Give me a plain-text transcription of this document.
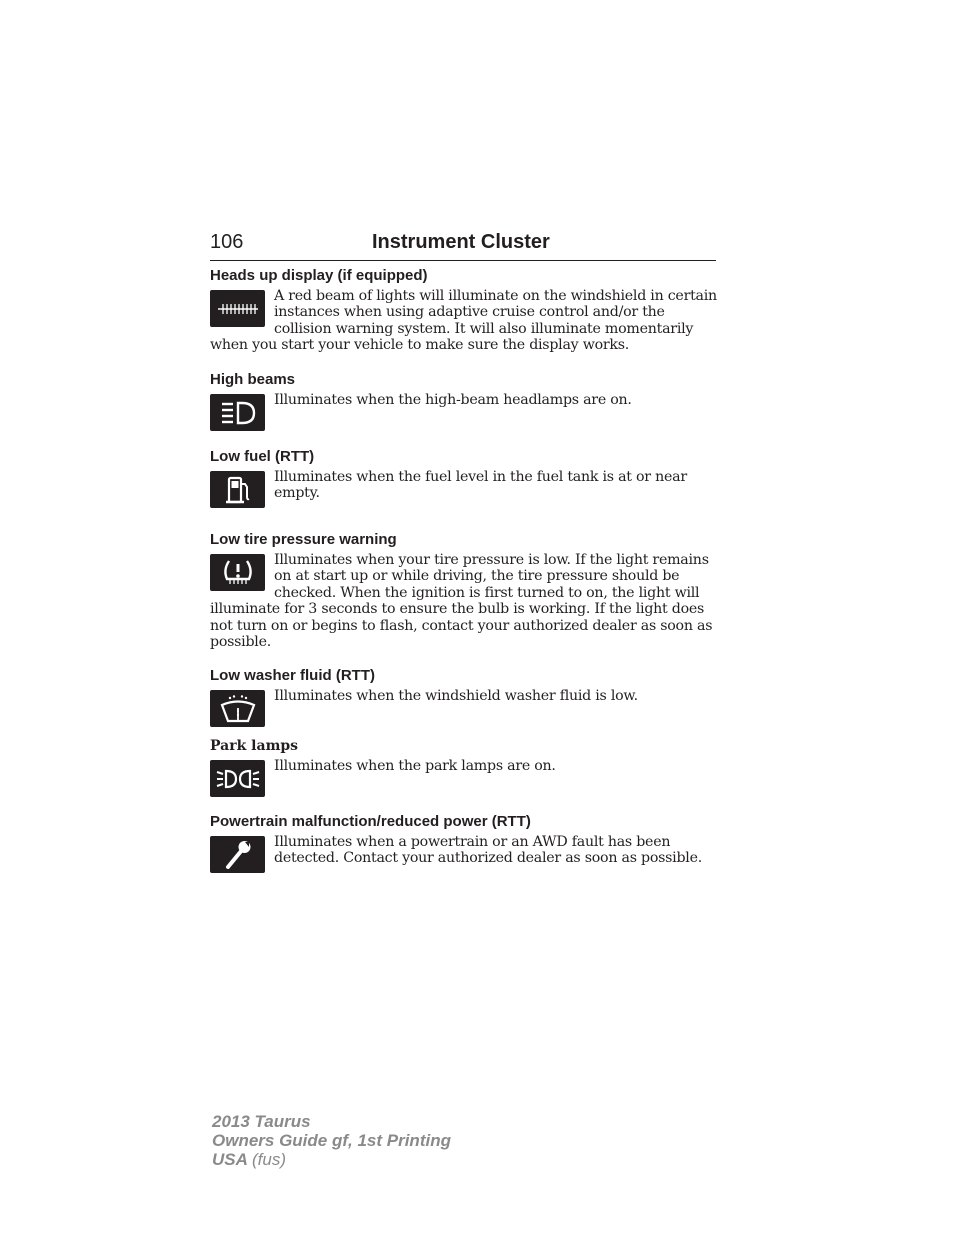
106	Instrument Cluster
Heads up display (if equipped)
A red beam of lights will illuminate on the windshield in certain instances when using adaptive cruise control and/or the collision warning system. It will also illuminate momentarily when you start your vehicle to make sure the display works.
High beams
Illuminates when the high-beam headlamps are on.
Low fuel (RTT)
Illuminates when the fuel level in the fuel tank is at or near empty.
Low tire pressure warning
Illuminates when your tire pressure is low. If the light remains on at start up or while driving, the tire pressure should be checked. When the ignition is first turned to on, the light will illuminate for 3 seconds to ensure the bulb is working. If the light does not turn on or begins to flash, contact your authorized dealer as soon as possible.
Low washer fluid (RTT)
Illuminates when the windshield washer fluid is low.
Park lamps
Illuminates when the park lamps are on.
Powertrain malfunction/reduced power (RTT)
Illuminates when a powertrain or an AWD fault has been detected. Contact your authorized dealer as soon as possible.
2013 Taurus
Owners Guide gf, 1st Printing
USA (fus)
